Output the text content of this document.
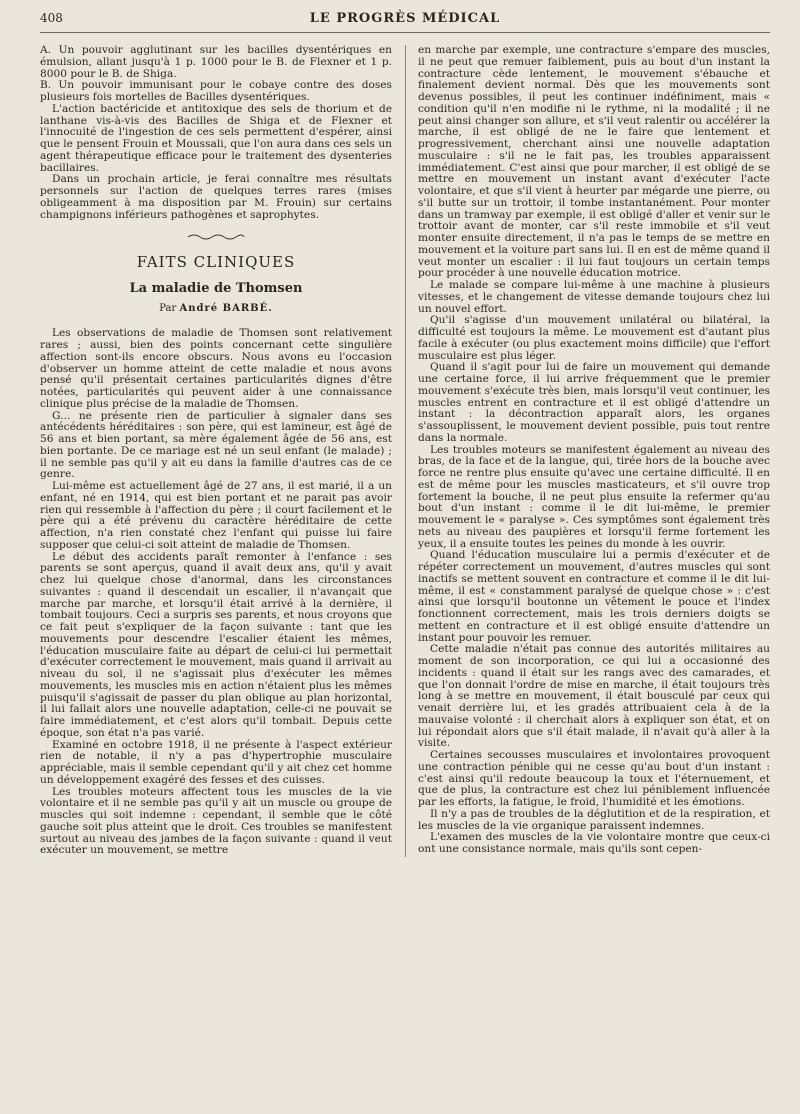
408	LE PROGRÈS MÉDICAL

A. Un pouvoir agglutinant sur les bacilles dysentériques en émulsion, allant jusqu'à 1 p. 1000 pour le B. de Flexner et 1 p. 8000 pour le B. de Shiga.

B. Un pouvoir immunisant pour le cobaye contre des doses plusieurs fois mortelles de Bacilles dysentériques.

L'action bactéricide et antitoxique des sels de thorium et de lanthane vis-à-vis des Bacilles de Shiga et de Flexner et l'innocuité de l'ingestion de ces sels permettent d'espérer, ainsi que le pensent Frouin et Moussali, que l'on aura dans ces sels un agent thérapeutique efficace pour le traitement des dysenteries bacillaires.

Dans un prochain article, je ferai connaître mes résultats personnels sur l'action de quelques terres rares (mises obligeamment à ma disposition par M. Frouin) sur certains champignons inférieurs pathogènes et saprophytes.

FAITS CLINIQUES
La maladie de Thomsen
Par André BARBÉ.

Les observations de maladie de Thomsen sont relativement rares ; aussi, bien des points concernant cette singulière affection sont-ils encore obscurs. Nous avons eu l'occasion d'observer un homme atteint de cette maladie et nous avons pensé qu'il présentait certaines particularités dignes d'être notées, particularités qui peuvent aider à une connaissance clinique plus précise de la maladie de Thomsen.

G... ne présente rien de particulier à signaler dans ses antécédents héréditaires : son père, qui est lamineur, est âgé de 56 ans et bien portant, sa mère également âgée de 56 ans, est bien portante. De ce mariage est né un seul enfant (le malade) ; il ne semble pas qu'il y ait eu dans la famille d'autres cas de ce genre.

Lui-même est actuellement âgé de 27 ans, il est marié, il a un enfant, né en 1914, qui est bien portant et ne parait pas avoir rien qui ressemble à l'affection du père ; il court facilement et le père qui a été prévenu du caractère héréditaire de cette affection, n'a rien constaté chez l'enfant qui puisse lui faire supposer que celui-ci soit atteint de maladie de Thomsen.

Le début des accidents paraît remonter à l'enfance : ses parents se sont aperçus, quand il avait deux ans, qu'il y avait chez lui quelque chose d'anormal, dans les circonstances suivantes : quand il descendait un escalier, il n'avançait que marche par marche, et lorsqu'il était arrivé à la dernière, il tombait toujours. Ceci a surpris ses parents, et nous croyons que ce fait peut s'expliquer de la façon suivante : tant que les mouvements pour descendre l'escalier étaient les mêmes, l'éducation musculaire faite au départ de celui-ci lui permettait d'exécuter correctement le mouvement, mais quand il arrivait au niveau du sol, il ne s'agissait plus d'exécuter les mêmes mouvements, les muscles mis en action n'étaient plus les mêmes puisqu'il s'agissait de passer du plan oblique au plan horizontal, il lui fallait alors une nouvelle adaptation, celle-ci ne pouvait se faire immédiatement, et c'est alors qu'il tombait. Depuis cette époque, son état n'a pas varié.

Examiné en octobre 1918, il ne présente à l'aspect extérieur rien de notable, il n'y a pas d'hypertrophie musculaire appréciable, mais il semble cependant qu'il y ait chez cet homme un développement exagéré des fesses et des cuisses.

Les troubles moteurs affectent tous les muscles de la vie volontaire et il ne semble pas qu'il y ait un muscle ou groupe de muscles qui soit indemne : cependant, il semble que le côté gauche soit plus atteint que le droit. Ces troubles se manifestent surtout au niveau des jambes de la façon suivante : quand il veut exécuter un mouvement, se mettre

en marche par exemple, une contracture s'empare des muscles, il ne peut que remuer faiblement, puis au bout d'un instant la contracture cède lentement, le mouvement s'ébauche et finalement devient normal. Dès que les mouvements sont devenus possibles, il peut les continuer indéfiniment, mais « condition qu'il n'en modifie ni le rythme, ni la modalité ; il ne peut ainsi changer son allure, et s'il veut ralentir ou accélérer la marche, il est obligé de ne le faire que lentement et progressivement, cherchant ainsi une nouvelle adaptation musculaire : s'il ne le fait pas, les troubles apparaissent immédiatement. C'est ainsi que pour marcher, il est obligé de se mettre en mouvement un instant avant d'exécuter l'acte volontaire, et que s'il vient à heurter par mégarde une pierre, ou s'il butte sur un trottoir, il tombe instantanément. Pour monter dans un tramway par exemple, il est obligé d'aller et venir sur le trottoir avant de monter, car s'il reste immobile et s'il veut monter ensuite directement, il n'a pas le temps de se mettre en mouvement et la voiture part sans lui. Il en est de même quand il veut monter un escalier : il lui faut toujours un certain temps pour procéder à une nouvelle éducation motrice.

Le malade se compare lui-même à une machine à plusieurs vitesses, et le changement de vitesse demande toujours chez lui un nouvel effort.

Qu'il s'agisse d'un mouvement unilatéral ou bilatéral, la difficulté est toujours la même. Le mouvement est d'autant plus facile à exécuter (ou plus exactement moins difficile) que l'effort musculaire est plus léger.

Quand il s'agit pour lui de faire un mouvement qui demande une certaine force, il lui arrive fréquemment que le premier mouvement s'exécute très bien, mais lorsqu'il veut continuer, les muscles entrent en contracture et il est obligé d'attendre un instant : la décontraction apparaît alors, les organes s'assouplissent, le mouvement devient possible, puis tout rentre dans la normale.

Les troubles moteurs se manifestent également au niveau des bras, de la face et de la langue, qui, tirée hors de la bouche avec force ne rentre plus ensuite qu'avec une certaine difficulté. Il en est de même pour les muscles masticateurs, et s'il ouvre trop fortement la bouche, il ne peut plus ensuite la refermer qu'au bout d'un instant : comme il le dit lui-même, le premier mouvement le « paralyse ». Ces symptômes sont également très nets au niveau des paupières et lorsqu'il ferme fortement les yeux, il a ensuite toutes les peines du monde à les ouvrir.

Quand l'éducation musculaire lui a permis d'exécuter et de répéter correctement un mouvement, d'autres muscles qui sont inactifs se mettent souvent en contracture et comme il le dit lui-même, il est « constamment paralysé de quelque chose » : c'est ainsi que lorsqu'il boutonne un vêtement le pouce et l'index fonctionnent correctement, mais les trois derniers doigts se mettent en contracture et il est obligé ensuite d'attendre un instant pour pouvoir les remuer.

Cette maladie n'était pas connue des autorités militaires au moment de son incorporation, ce qui lui a occasionné des incidents : quand il était sur les rangs avec des camarades, et que l'on donnait l'ordre de mise en marche, il était toujours très long à se mettre en mouvement, il était bousculé par ceux qui venait derrière lui, et les gradés attribuaient cela à de la mauvaise volonté : il cherchait alors à expliquer son état, et on lui répondait alors que s'il était malade, il n'avait qu'à aller à la visite.

Certaines secousses musculaires et involontaires provoquent une contraction pénible qui ne cesse qu'au bout d'un instant : c'est ainsi qu'il redoute beaucoup la toux et l'éternuement, et que de plus, la contracture est chez lui péniblement influencée par les efforts, la fatigue, le froid, l'humidité et les émotions.

Il n'y a pas de troubles de la déglutition et de la respiration, et les muscles de la vie organique paraissent indemnes.

L'examen des muscles de la vie volontaire montre que ceux-ci ont une consistance normale, mais qu'ils sont cepen-
